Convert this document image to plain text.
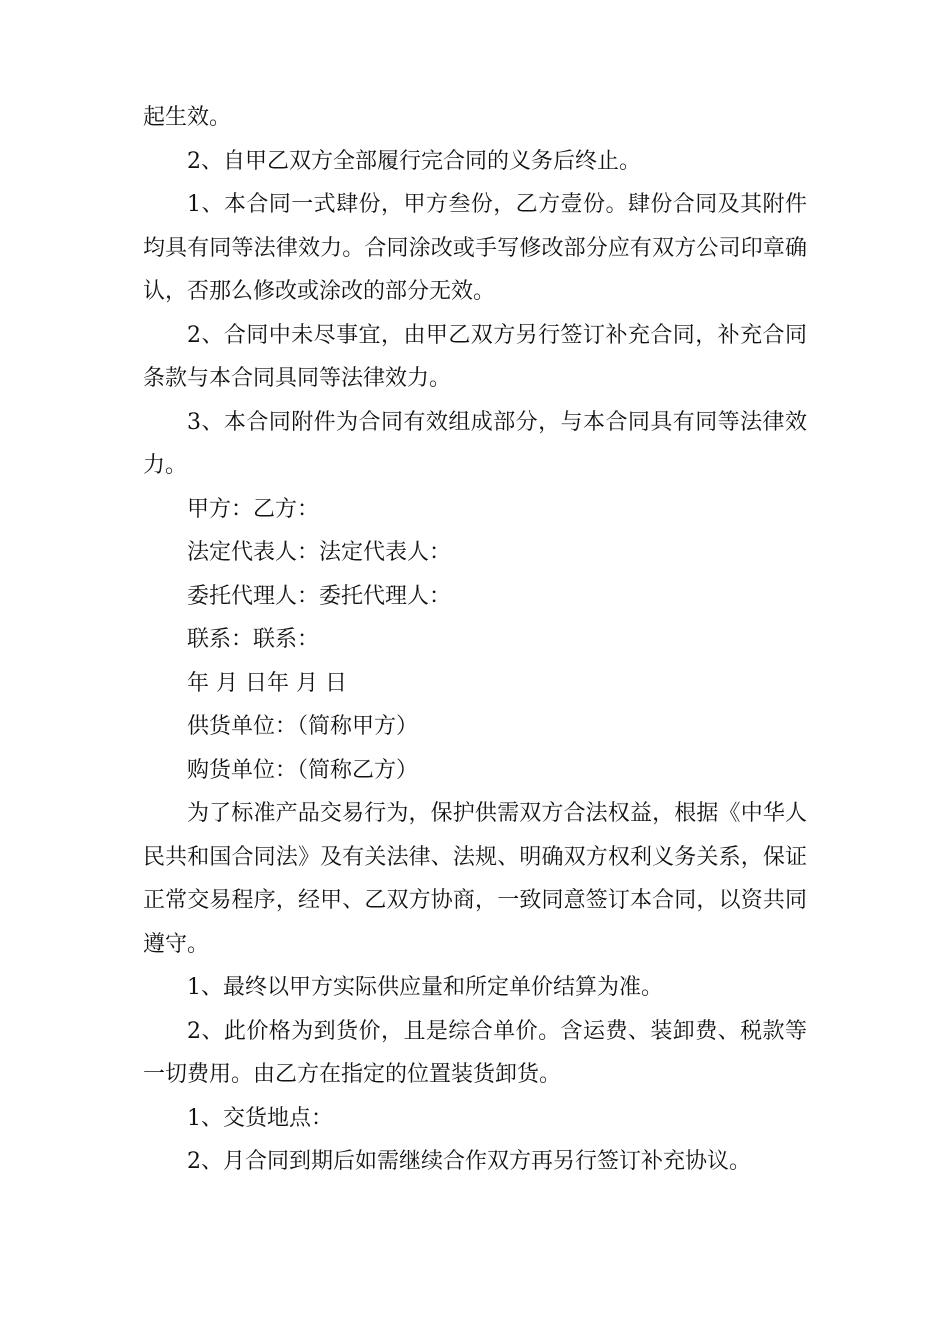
起生效。

2、自甲乙双方全部履行完合同的义务后终止。

1、本合同一式肆份，甲方叁份，乙方壹份。肆份合同及其附件均具有同等法律效力。合同涂改或手写修改部分应有双方公司印章确认，否那么修改或涂改的部分无效。

2、合同中未尽事宜，由甲乙双方另行签订补充合同，补充合同条款与本合同具同等法律效力。

3、本合同附件为合同有效组成部分，与本合同具有同等法律效力。

甲方：乙方：

法定代表人：法定代表人：

委托代理人：委托代理人：

联系：联系：

年 月 日年 月 日

供货单位：（简称甲方）

购货单位：（简称乙方）

为了标准产品交易行为，保护供需双方合法权益，根据《中华人民共和国合同法》及有关法律、法规、明确双方权利义务关系，保证正常交易程序，经甲、乙双方协商，一致同意签订本合同，以资共同遵守。

1、最终以甲方实际供应量和所定单价结算为准。

2、此价格为到货价，且是综合单价。含运费、装卸费、税款等一切费用。由乙方在指定的位置装货卸货。

1、交货地点：

2、月合同到期后如需继续合作双方再另行签订补充协议。
